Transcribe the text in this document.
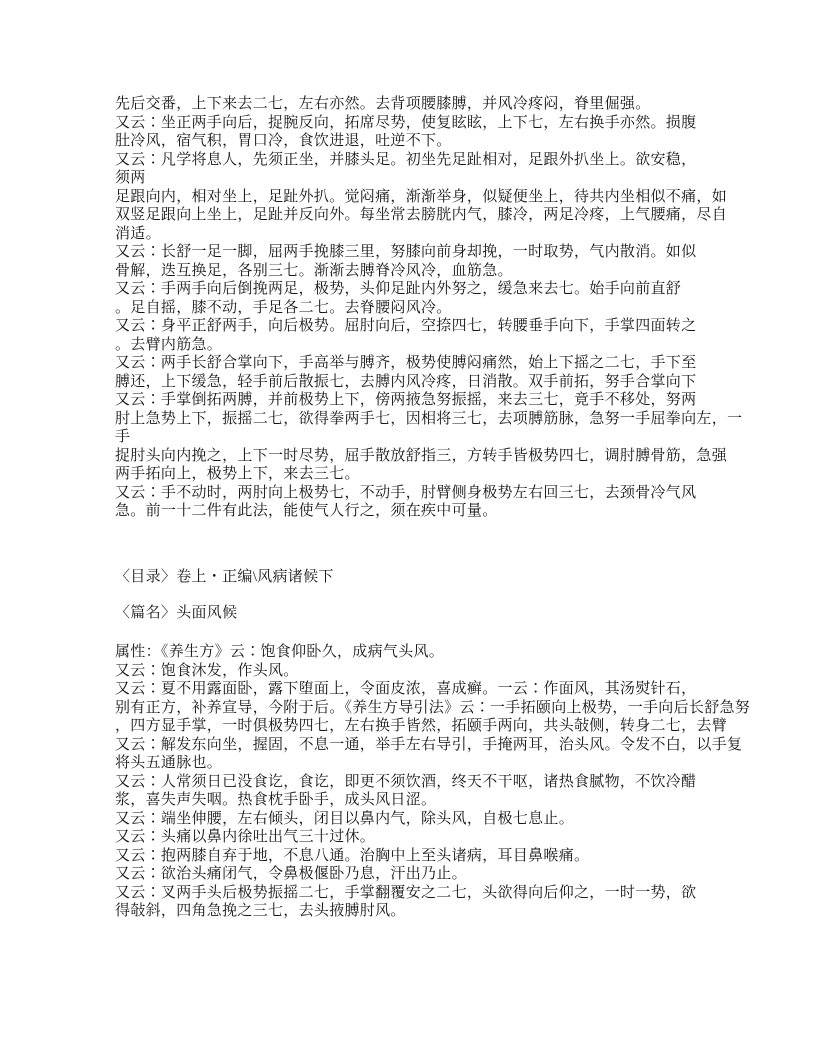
先后交番，上下来去二七，左右亦然。去背项腰膝膊，并风冷疼闷，脊里倔强。
又云∶坐正两手向后，捉腕反向，拓席尽势，使复眩眩，上下七，左右换手亦然。损腹
肚冷风，宿气积，胃口冷，食饮进退，吐逆不下。
又云∶凡学将息人，先须正坐，并膝头足。初坐先足趾相对，足跟外扒坐上。欲安稳，
须两
足跟向内，相对坐上，足趾外扒。觉闷痛，渐渐举身，似疑便坐上，待共内坐相似不痛，如
双竖足跟向上坐上，足趾并反向外。每坐常去膀胱内气，膝冷，两足冷疼，上气腰痛，尽自
消适。
又云∶长舒一足一脚，屈两手挽膝三里，努膝向前身却挽，一时取势，气内散消。如似
骨解，迭互换足，各别三七。渐渐去膊脊冷风冷，血筋急。
又云∶手两手向后倒挽两足，极势，头仰足趾内外努之，缓急来去七。始手向前直舒
。足自摇，膝不动，手足各二七。去脊腰闷风冷。
又云∶身平正舒两手，向后极势。屈肘向后，空捺四七，转腰垂手向下，手掌四面转之
。去臂内筋急。
又云∶两手长舒合掌向下，手高举与膊齐，极势使膊闷痛然，始上下摇之二七，手下至
膊还，上下缓急，轻手前后散振七，去膊内风冷疼，日消散。双手前拓，努手合掌向下
又云∶手掌倒拓两膊，并前极势上下，傍两掖急努振摇，来去三七，竟手不移处，努两
肘上急势上下，振摇二七，欲得拳两手七，因相将三七，去项膊筋脉，急努一手屈拳向左，一
手
捉肘头向内挽之，上下一时尽势，屈手散放舒指三，方转手皆极势四七，调肘膊骨筋，急强
两手拓向上，极势上下，来去三七。
又云∶手不动时，两肘向上极势七，不动手，肘臂侧身极势左右回三七，去颈骨冷气风
急。前一十二件有此法，能使气人行之，须在疾中可量。
〈目录〉卷上・正编\风病诸候下
〈篇名〉头面风候
属性：《养生方》云∶饱食仰卧久，成病气头风。
又云∶饱食沐发，作头风。
又云∶夏不用露面卧，露下堕面上，令面皮浓，喜成癣。一云∶作面风，其汤熨针石，
别有正方，补养宣导，今附于后。《养生方导引法》云∶一手拓颐向上极势，一手向后长舒急努
，四方显手掌，一时俱极势四七，左右换手皆然，拓颐手两向，共头敧侧，转身二七，去臂
又云∶解发东向坐，握固，不息一通，举手左右导引，手掩两耳，治头风。令发不白，以手复
将头五通脉也。
又云∶人常须日已没食讫，食讫，即更不须饮酒，终天不干呕，诸热食腻物，不饮冷醋
浆，喜失声失咽。热食枕手卧手，成头风日涩。
又云∶端坐伸腰，左右倾头，闭目以鼻内气，除头风，自极七息止。
又云∶头痛以鼻内徐吐出气三十过休。
又云∶抱两膝自弃于地，不息八通。治胸中上至头诸病，耳目鼻喉痛。
又云∶欲治头痛闭气，令鼻极偃卧乃息，汗出乃止。
又云∶叉两手头后极势振摇二七，手掌翻覆安之二七，头欲得向后仰之，一时一势，欲
得敧斜，四角急挽之三七，去头掖膊肘风。
